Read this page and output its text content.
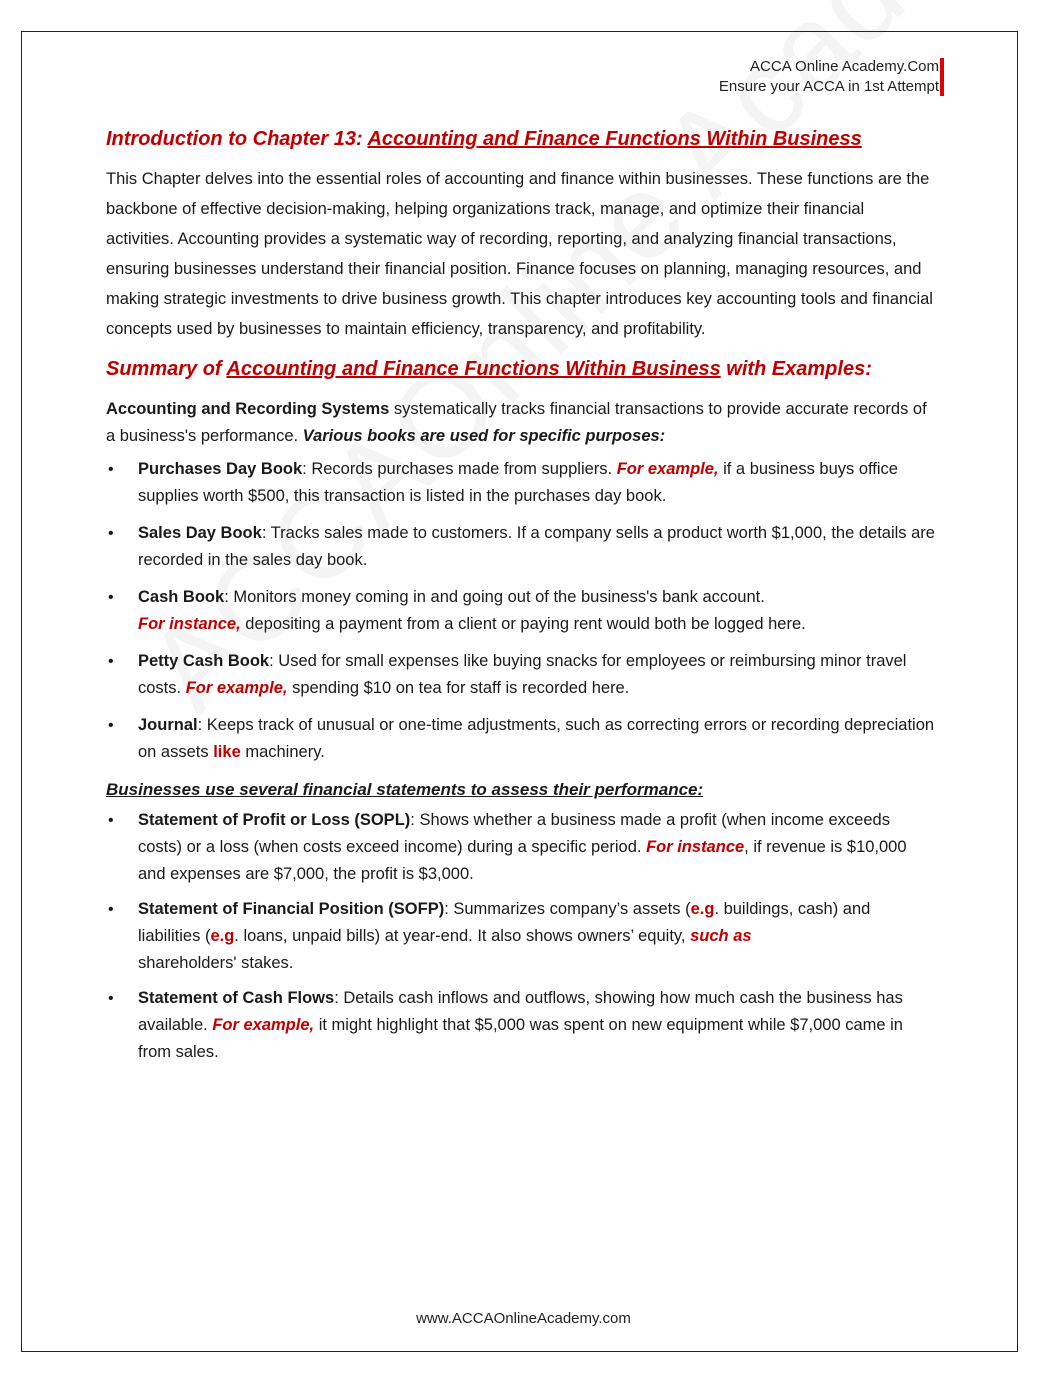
ACCA Online Academy.Com
Ensure your ACCA in 1st Attempt
Introduction to Chapter 13: Accounting and Finance Functions Within Business

This Chapter delves into the essential roles of accounting and finance within businesses. These functions are the backbone of effective decision-making, helping organizations track, manage, and optimize their financial activities. Accounting provides a systematic way of recording, reporting, and analyzing financial transactions, ensuring businesses understand their financial position. Finance focuses on planning, managing resources, and making strategic investments to drive business growth. This chapter introduces key accounting tools and financial concepts used by businesses to maintain efficiency, transparency, and profitability.

Summary of Accounting and Finance Functions Within Business with Examples:

Accounting and Recording Systems systematically tracks financial transactions to provide accurate records of a business's performance. Various books are used for specific purposes:

• Purchases Day Book: Records purchases made from suppliers. For example, if a business buys office supplies worth $500, this transaction is listed in the purchases day book.
• Sales Day Book: Tracks sales made to customers. If a company sells a product worth $1,000, the details are recorded in the sales day book.
• Cash Book: Monitors money coming in and going out of the business's bank account.
For instance, depositing a payment from a client or paying rent would both be logged here.
• Petty Cash Book: Used for small expenses like buying snacks for employees or reimbursing minor travel costs. For example, spending $10 on tea for staff is recorded here.
• Journal: Keeps track of unusual or one-time adjustments, such as correcting errors or recording depreciation on assets like machinery.
Businesses use several financial statements to assess their performance:
• Statement of Profit or Loss (SOPL): Shows whether a business made a profit (when income exceeds costs) or a loss (when costs exceed income) during a specific period. For instance, if revenue is $10,000 and expenses are $7,000, the profit is $3,000.
• Statement of Financial Position (SOFP): Summarizes company’s assets (e.g. buildings, cash) and liabilities (e.g. loans, unpaid bills) at year-end. It also shows owners’ equity, such as
shareholders' stakes.
• Statement of Cash Flows: Details cash inflows and outflows, showing how much cash the business has available. For example, it might highlight that $5,000 was spent on new equipment while $7,000 came in from sales.
www.ACCAOnlineAcademy.com
